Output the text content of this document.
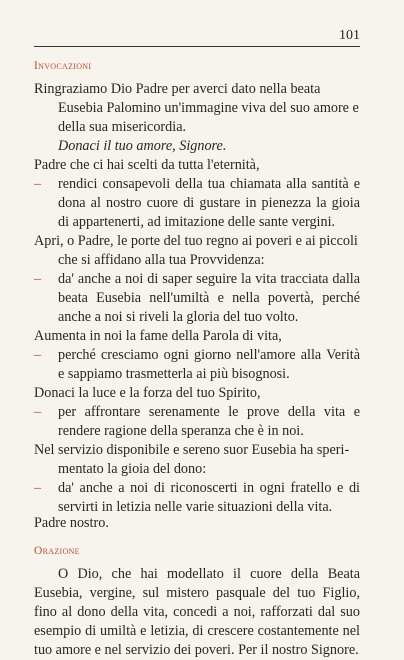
101
Invocazioni

Ringraziamo Dio Padre per averci dato nella beata

Eusebia Palomino un'immagine viva del suo amore e della sua misericordia.

Donaci il tuo amore, Signore.

Padre che ci hai scelti da tutta l'eternità,

– rendici consapevoli della tua chiamata alla santità e dona al nostro cuore di gustare in pienezza la gioia di appartenerti, ad imitazione delle sante vergini.

Apri, o Padre, le porte del tuo regno ai poveri e ai piccoli

che si affidano alla tua Provvidenza:

– da' anche a noi di saper seguire la vita tracciata dalla beata Eusebia nell'umiltà e nella povertà, perché anche a noi si riveli la gloria del tuo volto.

Aumenta in noi la fame della Parola di vita,

– perché cresciamo ogni giorno nell'amore alla Verità e sappiamo trasmetterla ai più bisognosi.

Donaci la luce e la forza del tuo Spirito,

– per affrontare serenamente le prove della vita e rendere ragione della speranza che è in noi.

Nel servizio disponibile e sereno suor Eusebia ha speri-

mentato la gioia del dono:

– da' anche a noi di riconoscerti in ogni fratello e di servirti in letizia nelle varie situazioni della vita.

Padre nostro.

Orazione

O Dio, che hai modellato il cuore della Beata Eusebia, vergine, sul mistero pasquale del tuo Figlio, fino al dono della vita, concedi a noi, rafforzati dal suo esempio di umiltà e letizia, di crescere costantemente nel tuo amore e nel servizio dei poveri. Per il nostro Signore.
